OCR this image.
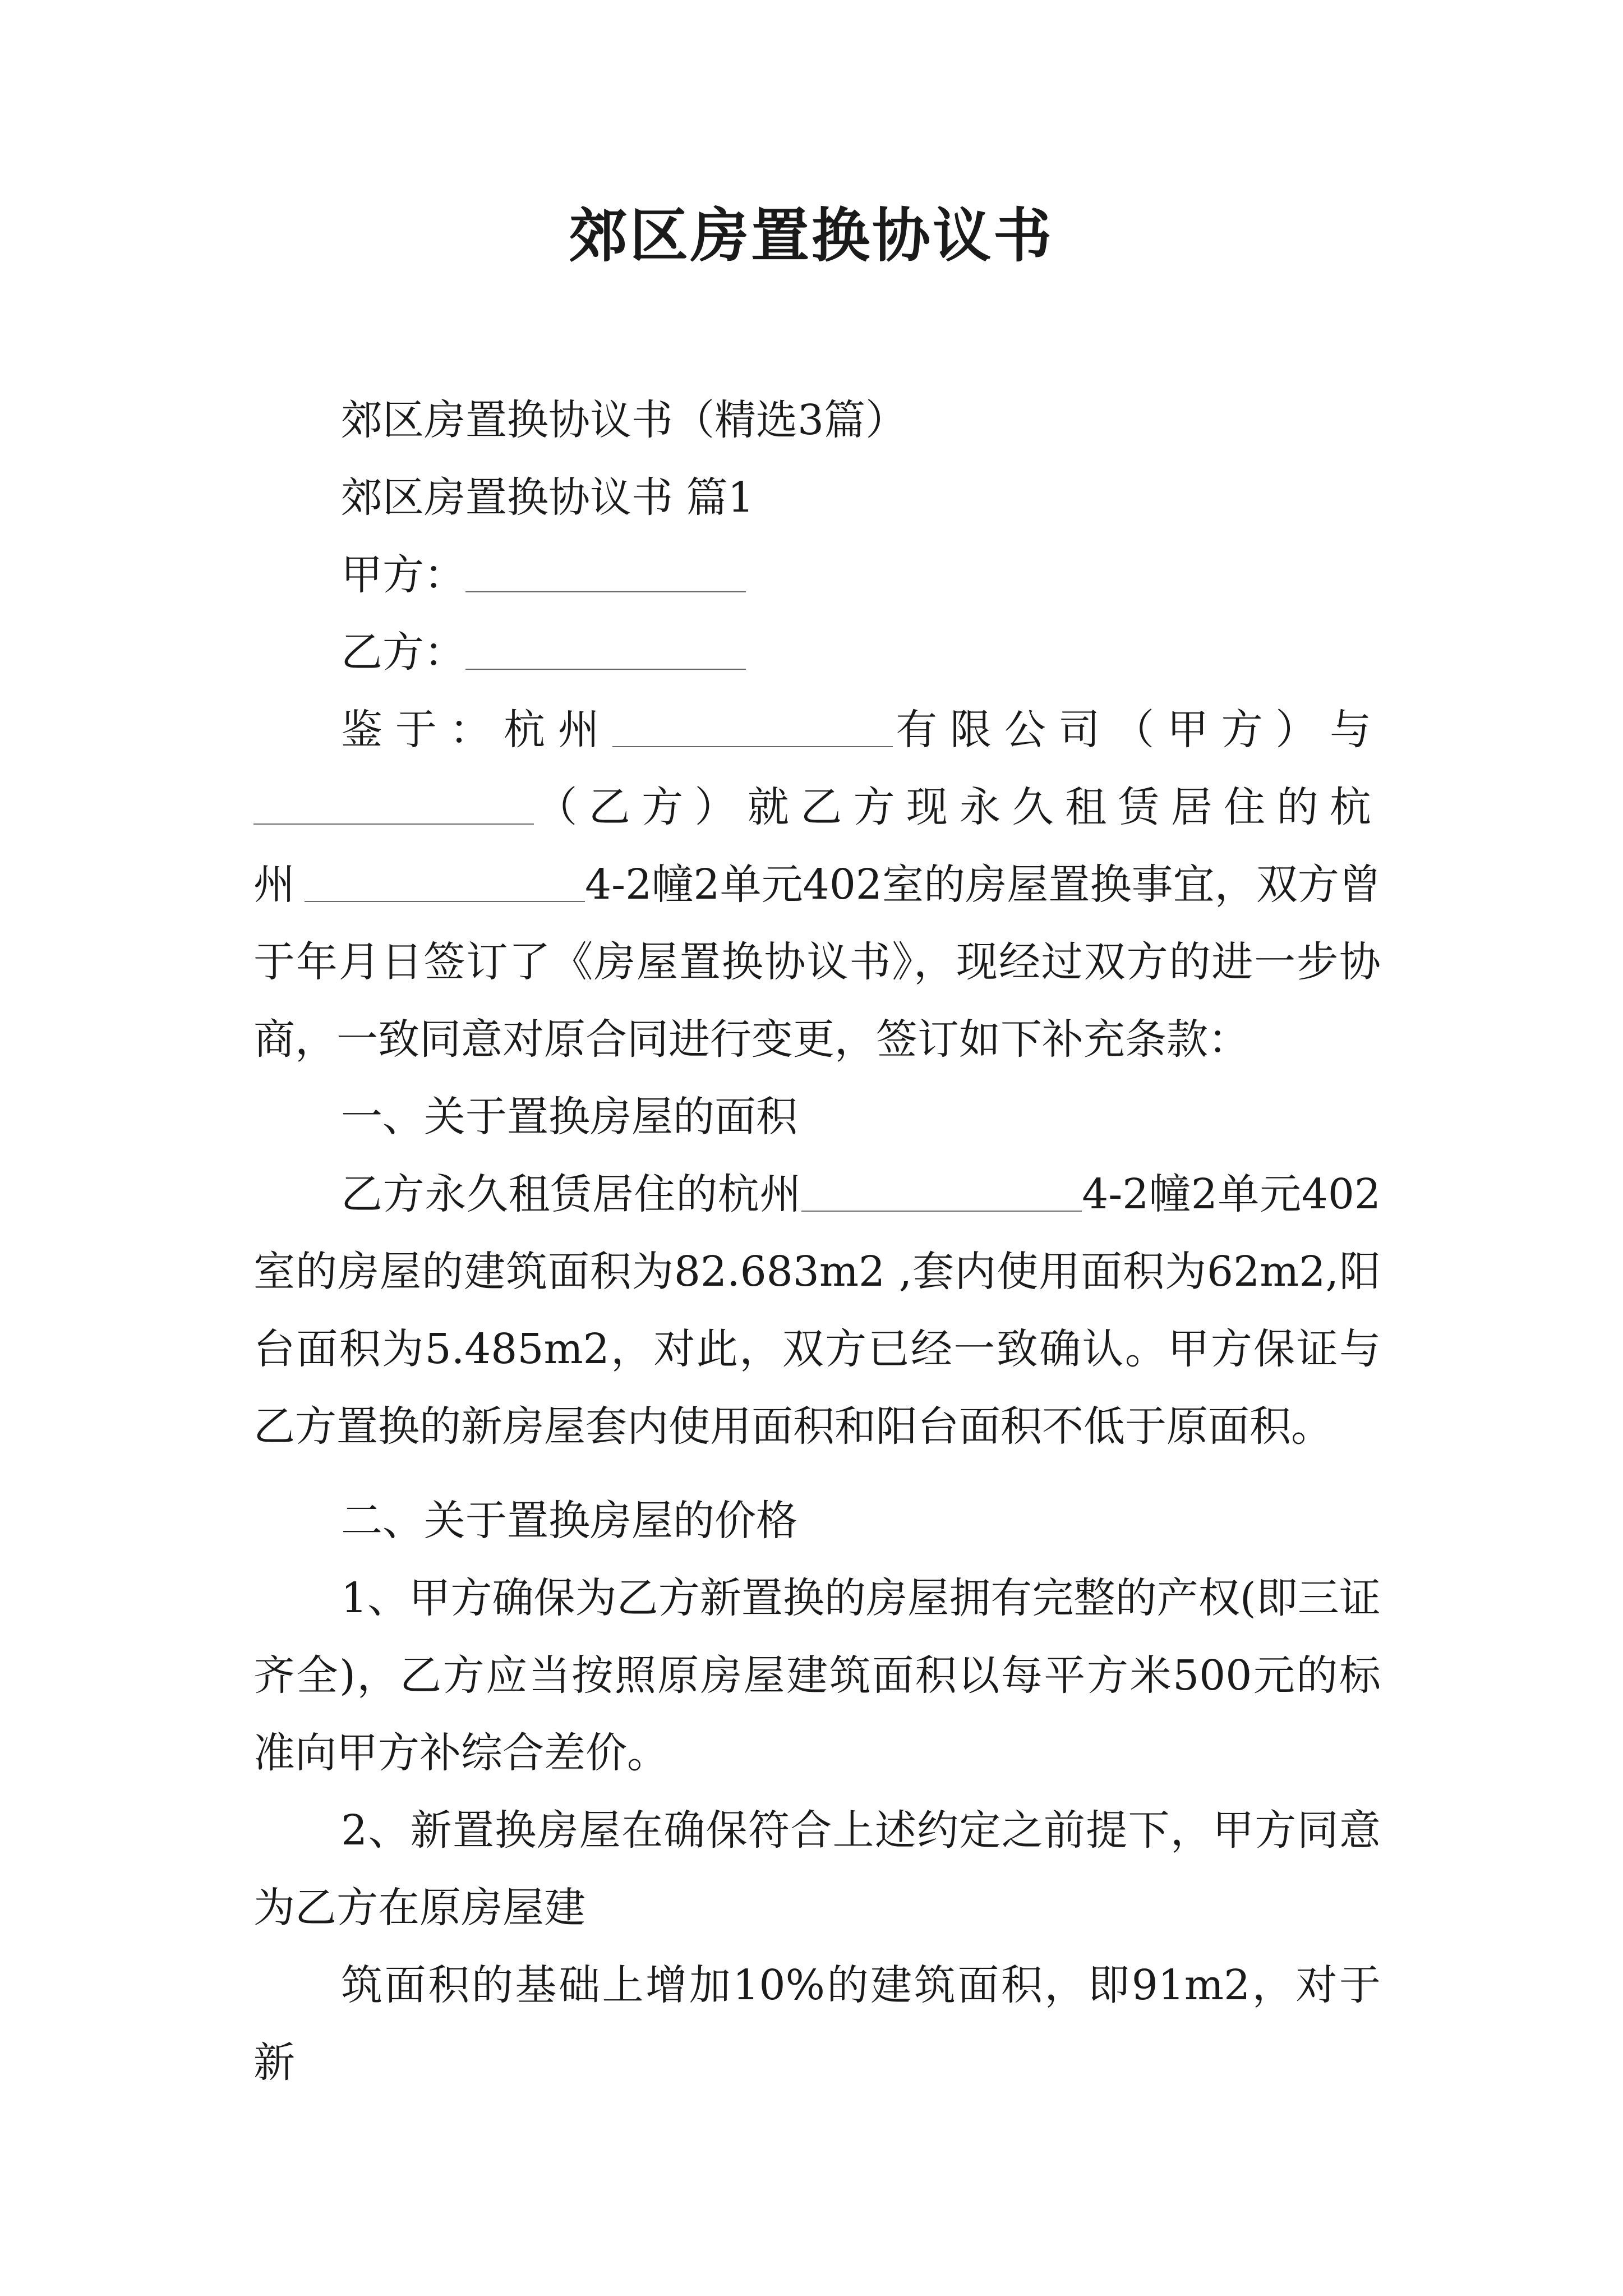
郊区房置换协议书

郊区房置换协议书（精选3篇）

郊区房置换协议书 篇1

甲方：

乙方：

鉴于：杭州	有限公司（甲方）与（乙方）就乙方现永久租赁居住的杭州	4-2幢2单元402室的房屋置换事宜，双方曾于年月日签订了《房屋置换协议书》，现经过双方的进一步协商，一致同意对原合同进行变更，签订如下补充条款：

一、关于置换房屋的面积

乙方永久租赁居住的杭州	4-2幢2单元402室的房屋的建筑面积为82.683m2 ,套内使用面积为62m2,阳台面积为5.485m2，对此，双方已经一致确认。甲方保证与乙方置换的新房屋套内使用面积和阳台面积不低于原面积。

二、关于置换房屋的价格

1、甲方确保为乙方新置换的房屋拥有完整的产权(即三证齐全)，乙方应当按照原房屋建筑面积以每平方米500元的标准向甲方补综合差价。

2、新置换房屋在确保符合上述约定之前提下，甲方同意为乙方在原房屋建

筑面积的基础上增加10%的建筑面积，即91m2，对于新
